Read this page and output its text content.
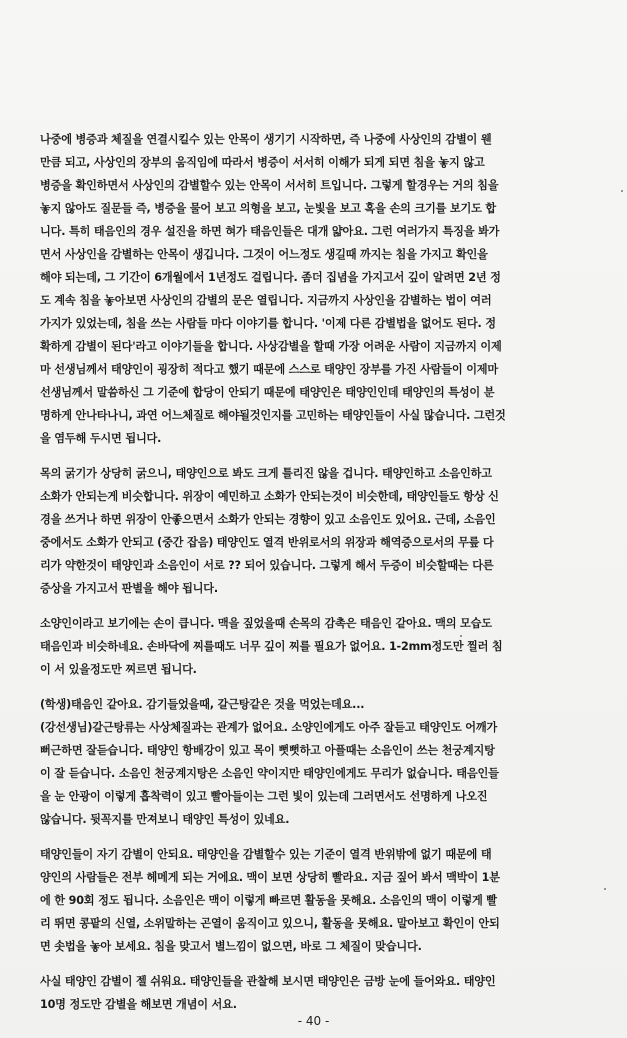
나중에 병증과 체질을 연결시킬수 있는 안목이 생기기 시작하면, 즉 나중에 사상인의 감별이 웬
만큼 되고, 사상인의 장부의 움직임에 따라서 병증이 서서히 이해가 되게 되면 침을 놓지 않고
병증을 확인하면서 사상인의 감별할수 있는 안목이 서서히 트입니다. 그렇게 할경우는 거의 침을
놓지 않아도 질문들 즉, 병증을 물어 보고 의형을 보고, 눈빛을 보고 혹을 손의 크기를 보기도 합
니다. 특히 태음인의 경우 설진을 하면 혀가 태음인들은 대개 얇아요. 그런 여러가지 특징을 봐가
면서 사상인을 감별하는 안목이 생깁니다. 그것이 어느정도 생길때 까지는 침을 가지고 확인을
해야 되는데, 그 기간이 6개월에서 1년정도 걸립니다. 좀더 집념을 가지고서 깊이 알려면 2년 정
도 계속 침을 놓아보면 사상인의 감별의 문은 열립니다. 지금까지 사상인을 감별하는 법이 여러
가지가 있었는데, 침을 쓰는 사람들 마다 이야기를 합니다. '이제 다른 감별법을 없어도 된다. 정
확하게 감별이 된다'라고 이야기들을 합니다. 사상감별을 할때 가장 어려운 사람이 지금까지 이제
마 선생님께서 태양인이 굉장히 적다고 했기 때문에 스스로 태양인 장부를 가진 사람들이 이제마
선생님께서 말씀하신 그 기준에 합당이 안되기 때문에 태양인은 태양인인데 태양인의 특성이 분
명하게 안나타나니, 과연 어느체질로 해야될것인지를 고민하는 태양인들이 사실 많습니다. 그런것
을 염두해 두시면 됩니다.
목의 굵기가 상당히 굵으니, 태양인으로 봐도 크게 틀리진 않을 겁니다. 태양인하고 소음인하고
소화가 안되는게 비슷합니다. 위장이 예민하고 소화가 안되는것이 비슷한데, 태양인들도 항상 신
경을 쓰거나 하면 위장이 안좋으면서 소화가 안되는 경향이 있고 소음인도 있어요. 근데, 소음인
중에서도 소화가 안되고 (중간 잡음) 태양인도 열격 반위로서의 위장과 해역증으로서의 무릎 다
리가 약한것이 태양인과 소음인이 서로 ?? 되어 있습니다. 그렇게 해서 두증이 비슷할때는 다른
증상을 가지고서 판별을 해야 됩니다.
소양인이라고 보기에는 손이 큽니다. 맥을 짚었을때 손목의 감촉은 태음인 같아요. 맥의 모습도
태음인과 비슷하네요. 손바닥에 찌를때도 너무 깊이 찌를 필요가 없어요. 1-2mm정도만 찔러 침
이 서 있을정도만 찌르면 됩니다.
(학생)태음인 같아요. 감기들었을때, 갈근탕같은 것을 먹었는데요...
(강선생님)갈근탕류는 사상체질과는 관계가 없어요. 소양인에게도 아주 잘듣고 태양인도 어깨가
뻐근하면 잘듣습니다. 태양인 항배강이 있고 목이 뻣뻣하고 아플때는 소음인이 쓰는 천궁계지탕
이 잘 듣습니다. 소음인 천궁계지탕은 소음인 약이지만 태양인에게도 무리가 없습니다. 태음인들
을 눈 안광이 이렇게 흡착력이 있고 빨아들이는 그런 빛이 있는데 그러면서도 선명하게 나오진
않습니다. 뒷꼭지를 만져보니 태양인 특성이 있네요.
태양인들이 자기 감별이 안되요. 태양인을 감별할수 있는 기준이 열격 반위밖에 없기 때문에 태
양인의 사람들은 전부 헤메게 되는 거에요. 맥이 보면 상당히 빨라요. 지금 짚어 봐서 맥박이 1분
에 한 90회 정도 됩니다. 소음인은 맥이 이렇게 빠르면 활동을 못해요. 소음인의 맥이 이렇게 빨
리 뛰면 콩팥의 신열, 소위말하는 곤열이 움직이고 있으니, 활동을 못해요. 말아보고 확인이 안되
면 솟법을 놓아 보세요. 침을 맞고서 별느낌이 없으면, 바로 그 체질이 맞습니다.
사실 태양인 감별이 젤 쉬워요. 태양인들을 관찰해 보시면 태양인은 금방 눈에 들어와요. 태양인
10명 정도만 감별을 해보면 개념이 서요.
- 40 -
